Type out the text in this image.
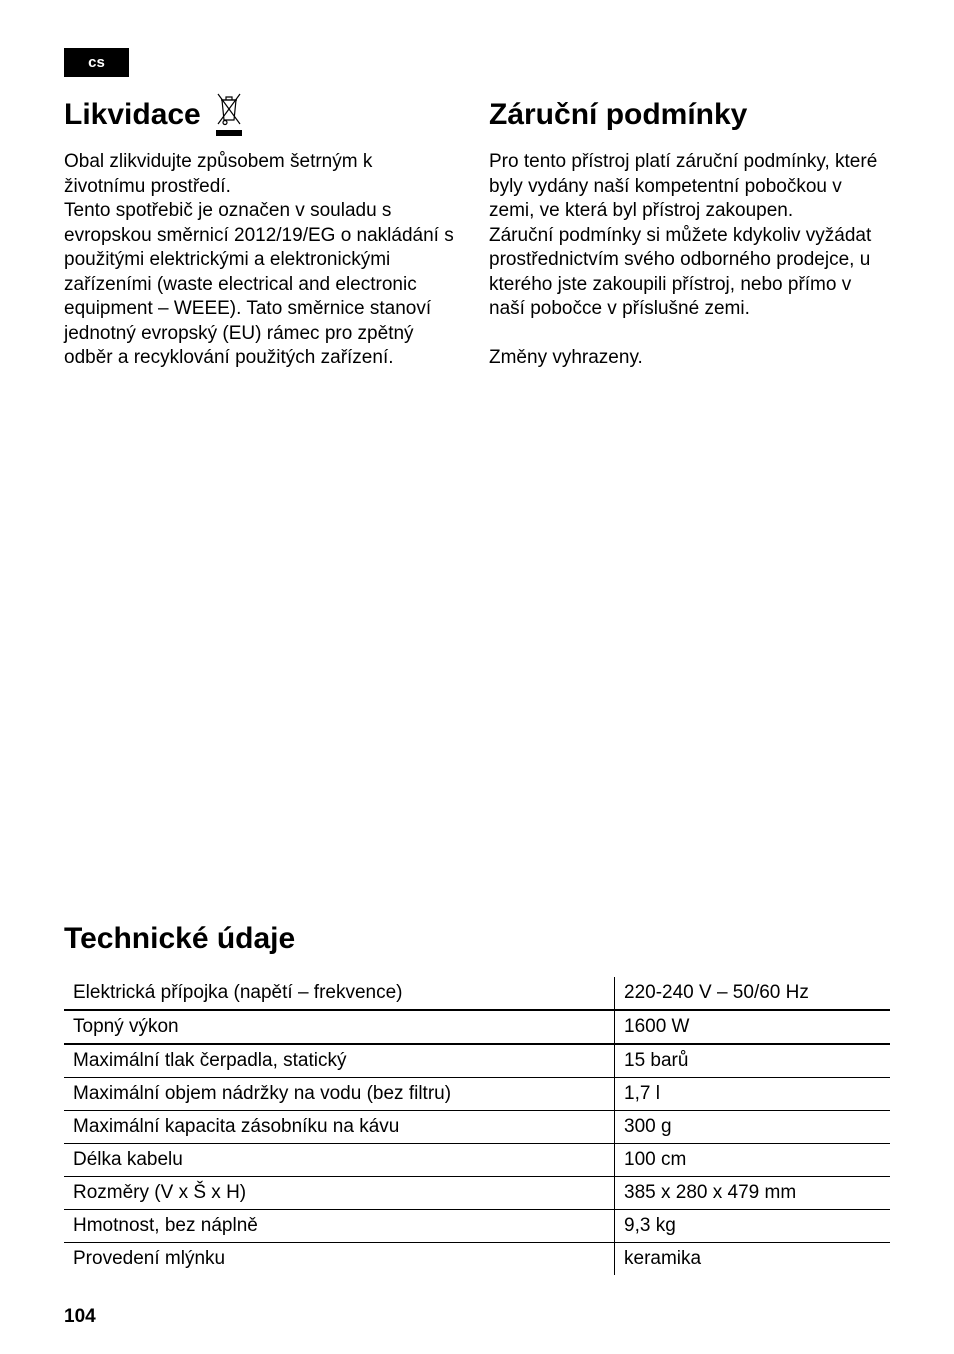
cs
Likvidace

Obal zlikvidujte způsobem šetrným k životnímu prostředí.

Tento spotřebič je označen v souladu s evropskou směrnicí 2012/19/EG o nakládání s použitými elektrickými a elektronickými zařízeními (waste electrical and electronic equipment – WEEE). Tato směrnice stanoví jednotný evropský (EU) rámec pro zpětný odběr a recyklování použitých zařízení.

Záruční podmínky

Pro tento přístroj platí záruční podmínky, které byly vydány naší kompetentní pobočkou v zemi, ve která byl přístroj zakoupen.

Záruční podmínky si můžete kdykoliv vyžádat prostřednictvím svého odborného prodejce, u kterého jste zakoupili přístroj, nebo přímo v naší pobočce v příslušné zemi.

Změny vyhrazeny.

Technické údaje
Elektrická přípojka (napětí – frekvence)	220-240 V – 50/60 Hz
Topný výkon	1600 W
Maximální tlak čerpadla, statický	15 barů
Maximální objem nádržky na vodu (bez filtru)	1,7 l
Maximální kapacita zásobníku na kávu	300 g
Délka kabelu	100 cm
Rozměry (V x Š x H)	385 x 280 x 479 mm
Hmotnost, bez náplně	9,3 kg
Provedení mlýnku	keramika
104
